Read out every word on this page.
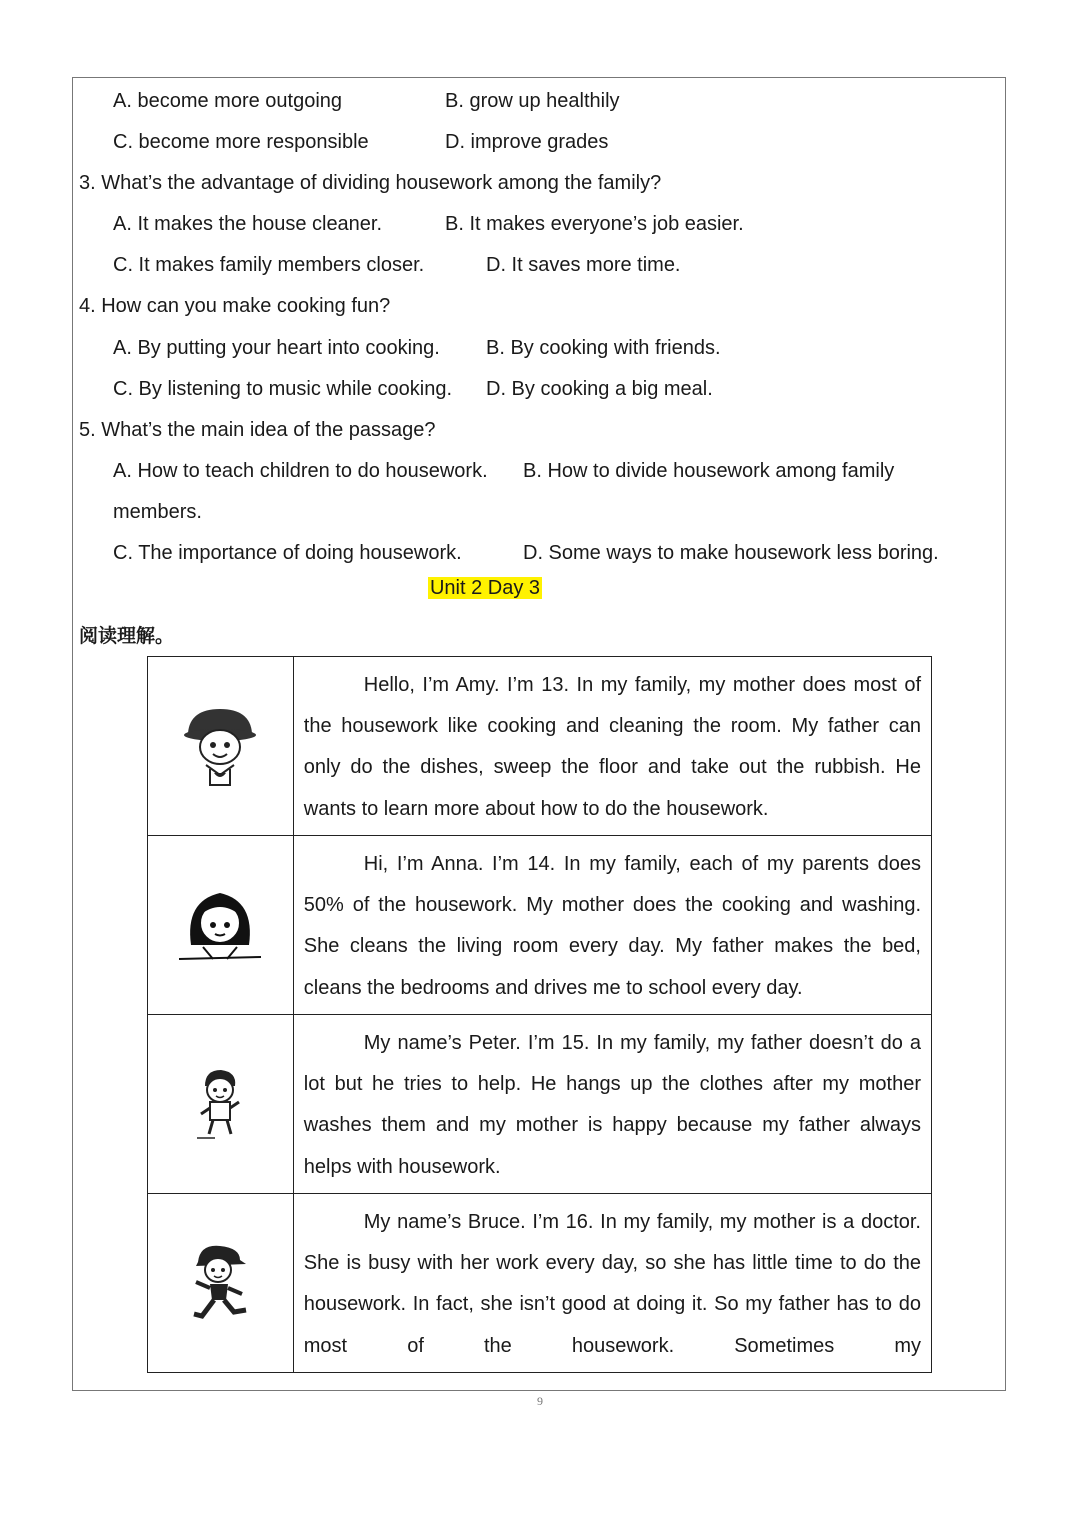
A. become more outgoing	B. grow up healthily
C. become more responsible	D. improve grades
3. What’s the advantage of dividing housework among the family?
A. It makes the house cleaner.	B. It makes everyone’s job easier.
C. It makes family members closer.	D. It saves more time.
4. How can you make cooking fun?
A. By putting your heart into cooking. B. By cooking with friends.
C. By listening to music while cooking. D. By cooking a big meal.
5. What’s the main idea of the passage?
A. How to teach children to do housework. B. How to divide housework among family
members.
C. The importance of doing housework.	D. Some ways to make housework less boring.
Unit 2 Day 3
阅读理解。

Hello, I’m Amy. I’m 13. In my family, my mother does most of the housework like cooking and cleaning the room. My father can only do the dishes, sweep the floor and take out the rubbish. He wants to learn more about how to do the housework.

Hi, I’m Anna. I’m 14. In my family, each of my parents does 50% of the housework. My mother does the cooking and washing. She cleans the living room every day. My father makes the bed, cleans the bedrooms and drives me to school every day.

My name’s Peter. I’m 15. In my family, my father doesn’t do a lot but he tries to help. He hangs up the clothes after my mother washes them and my mother is happy because my father always helps with housework.

My name’s Bruce. I’m 16. In my family, my mother is a doctor. She is busy with her work every day, so she has little time to do the housework. In fact, she isn’t good at doing it. So my father has to do most of the housework. Sometimes my

9
